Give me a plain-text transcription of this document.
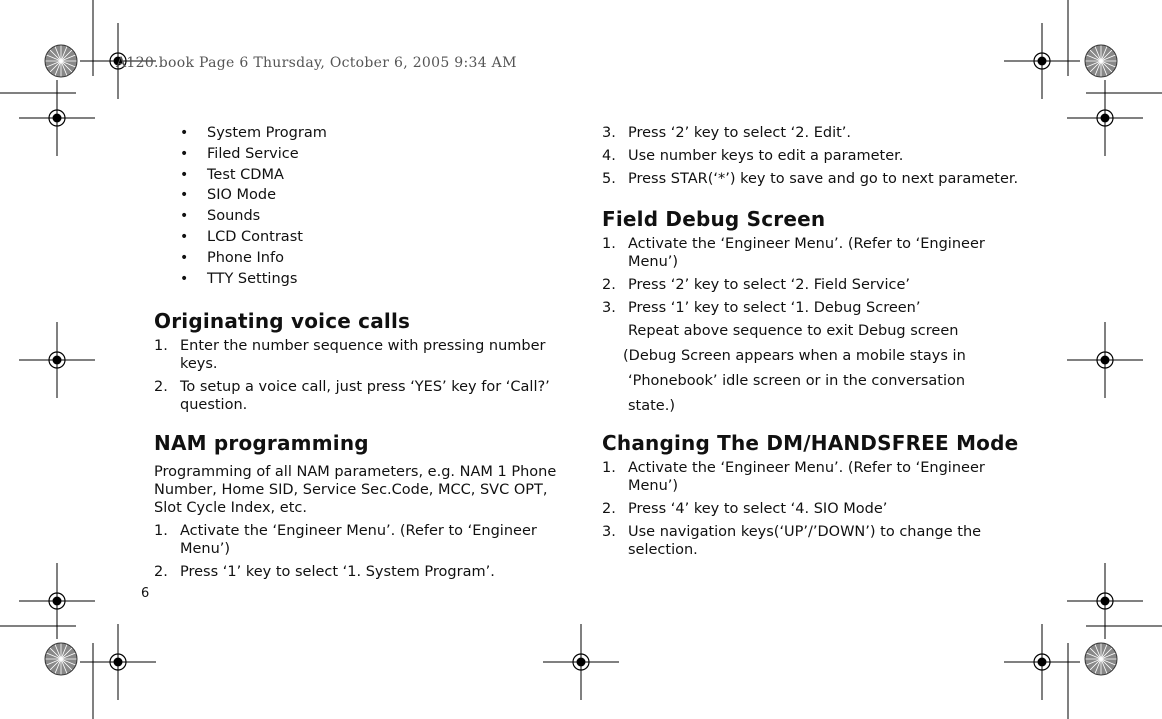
A120.book Page 6 Thursday, October 6, 2005 9:34 AM
• System Program
• Filed Service
• Test CDMA
• SIO Mode
• Sounds
• LCD Contrast
• Phone Info
• TTY Settings
Originating voice calls
1. Enter the number sequence with pressing number keys.
2. To setup a voice call, just press ‘YES’ key for ‘Call?’ question.
NAM programming

Programming of all NAM parameters, e.g. NAM 1 Phone Number, Home SID, Service Sec.Code, MCC, SVC OPT, Slot Cycle Index, etc.

1. Activate the ‘Engineer Menu’. (Refer to ‘Engineer Menu’)
2. Press ‘1’ key to select ‘1. System Program’.
6
3. Press ‘2’ key to select ‘2. Edit’.
4. Use number keys to edit a parameter.
5. Press STAR(‘*’) key to save and go to next parameter.
Field Debug Screen
1. Activate the ‘Engineer Menu’. (Refer to ‘Engineer Menu’)
2. Press ‘2’ key to select ‘2. Field Service’
3. Press ‘1’ key to select ‘1. Debug Screen’

Repeat above sequence to exit Debug screen

(Debug Screen appears when a mobile stays in

‘Phonebook’ idle screen or in the conversation

state.)

Changing The DM/HANDSFREE Mode
1. Activate the ‘Engineer Menu’. (Refer to ‘Engineer Menu’)
2. Press ‘4’ key to select ‘4. SIO Mode’
3. Use navigation keys(‘UP’/’DOWN’) to change the selection.
